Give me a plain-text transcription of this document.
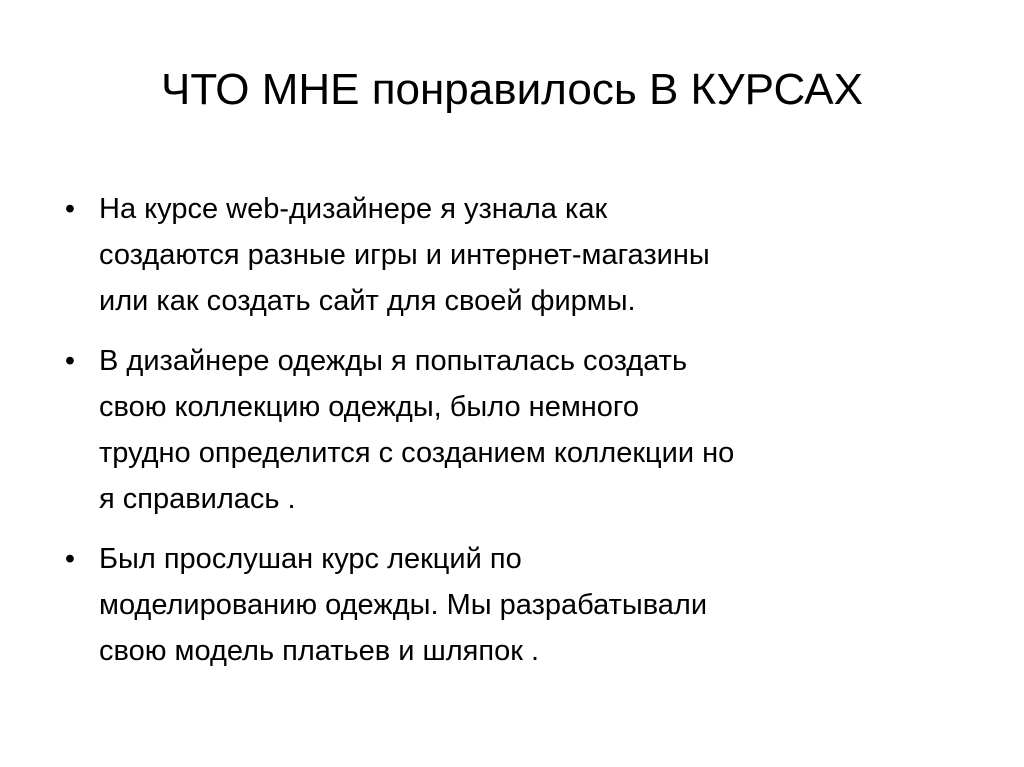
ЧТО МНЕ понравилось В КУРСАХ
• На курсе web-дизайнере я узнала как
создаются разные игры и интернет-магазины
или как создать сайт для своей фирмы.
• В дизайнере одежды я попыталась создать
свою коллекцию одежды, было немного
трудно определится с созданием коллекции но
я справилась .
• Был прослушан курс лекций по
моделированию одежды. Мы разрабатывали
свою модель платьев и шляпок .
